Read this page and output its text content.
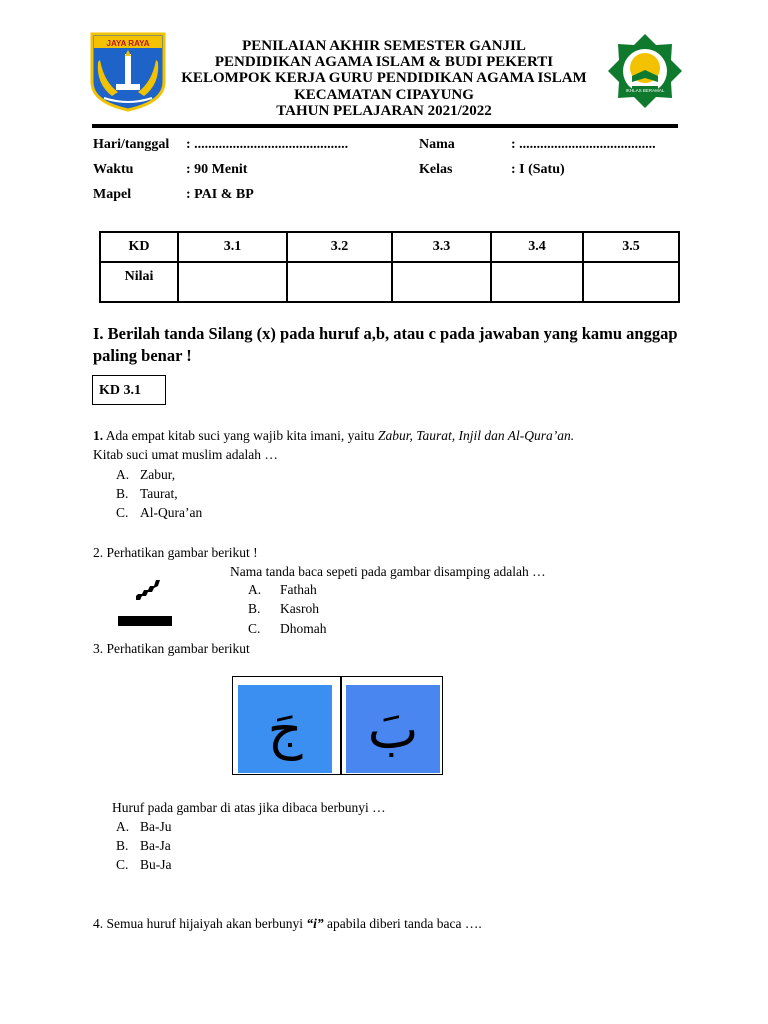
JAYA RAYA
IKHLAS BERAMAL
PENILAIAN AKHIR SEMESTER GANJIL
PENDIDIKAN AGAMA ISLAM & BUDI PEKERTI
KELOMPOK KERJA GURU PENDIDIKAN AGAMA ISLAM
KECAMATAN CIPAYUNG
TAHUN PELAJARAN 2021/2022
Hari/tanggal : ............................................	Nama	: .......................................
Waktu	: 90 Menit	Kelas	: I (Satu)
Mapel	: PAI & BP
KD	3.1	3.2	3.3	3.4	3.5
Nilai					
I. Berilah tanda Silang (x) pada huruf a,b, atau c pada jawaban yang kamu anggap paling benar !
KD 3.1
1. Ada empat kitab suci yang wajib kita imani, yaitu Zabur, Taurat, Injil dan Al-Qura’an.
Kitab suci umat muslim adalah …
A. Zabur,
B. Taurat,
C. Al-Qura’an
2. Perhatikan gambar berikut !
Nama tanda baca sepeti pada gambar disamping adalah …
A. Fathah
B. Kasroh
C. Dhomah
3. Perhatikan gambar berikut
جَ	بَ
Huruf pada gambar di atas jika dibaca berbunyi …
A. Ba-Ju
B. Ba-Ja
C. Bu-Ja
4. Semua huruf hijaiyah akan berbunyi “i” apabila diberi tanda baca ….
